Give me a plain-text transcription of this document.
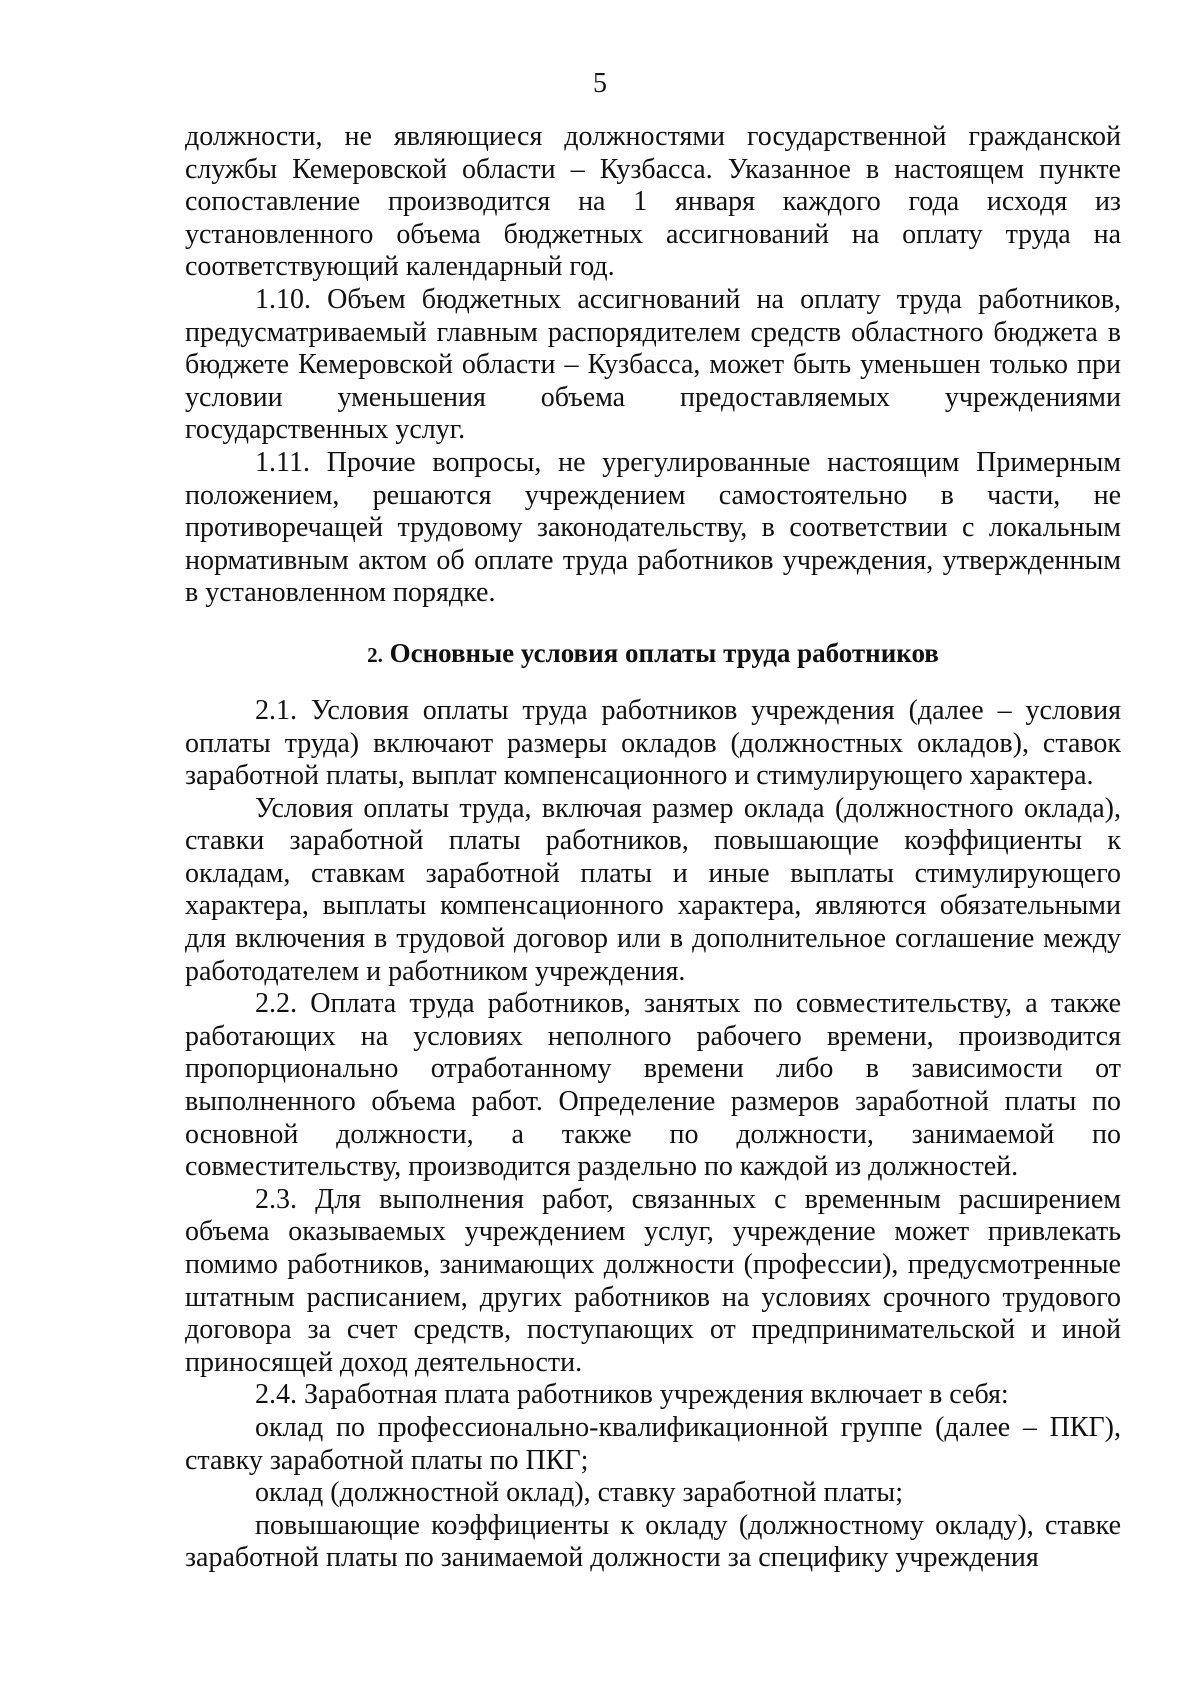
5

должности, не являющиеся должностями государственной гражданской службы Кемеровской области – Кузбасса. Указанное в настоящем пункте сопоставление производится на 1 января каждого года исходя из установленного объема бюджетных ассигнований на оплату труда на соответствующий календарный год.

1.10. Объем бюджетных ассигнований на оплату труда работников, предусматриваемый главным распорядителем средств областного бюджета в бюджете Кемеровской области – Кузбасса, может быть уменьшен только при условии уменьшения объема предоставляемых учреждениями государственных услуг.

1.11. Прочие вопросы, не урегулированные настоящим Примерным положением, решаются учреждением самостоятельно в части, не противоречащей трудовому законодательству, в соответствии с локальным нормативным актом об оплате труда работников учреждения, утвержденным в установленном порядке.

2. Основные условия оплаты труда работников

2.1. Условия оплаты труда работников учреждения (далее – условия оплаты труда) включают размеры окладов (должностных окладов), ставок заработной платы, выплат компенсационного и стимулирующего характера.

Условия оплаты труда, включая размер оклада (должностного оклада), ставки заработной платы работников, повышающие коэффициенты к окладам, ставкам заработной платы и иные выплаты стимулирующего характера, выплаты компенсационного характера, являются обязательными для включения в трудовой договор или в дополнительное соглашение между работодателем и работником учреждения.

2.2. Оплата труда работников, занятых по совместительству, а также работающих на условиях неполного рабочего времени, производится пропорционально отработанному времени либо в зависимости от выполненного объема работ. Определение размеров заработной платы по основной должности, а также по должности, занимаемой по совместительству, производится раздельно по каждой из должностей.

2.3. Для выполнения работ, связанных с временным расширением объема оказываемых учреждением услуг, учреждение может привлекать помимо работников, занимающих должности (профессии), предусмотренные штатным расписанием, других работников на условиях срочного трудового договора за счет средств, поступающих от предпринимательской и иной приносящей доход деятельности.

2.4. Заработная плата работников учреждения включает в себя:

оклад по профессионально-квалификационной группе (далее – ПКГ), ставку заработной платы по ПКГ;

оклад (должностной оклад), ставку заработной платы;

повышающие коэффициенты к окладу (должностному окладу), ставке заработной платы по занимаемой должности за специфику учреждения
